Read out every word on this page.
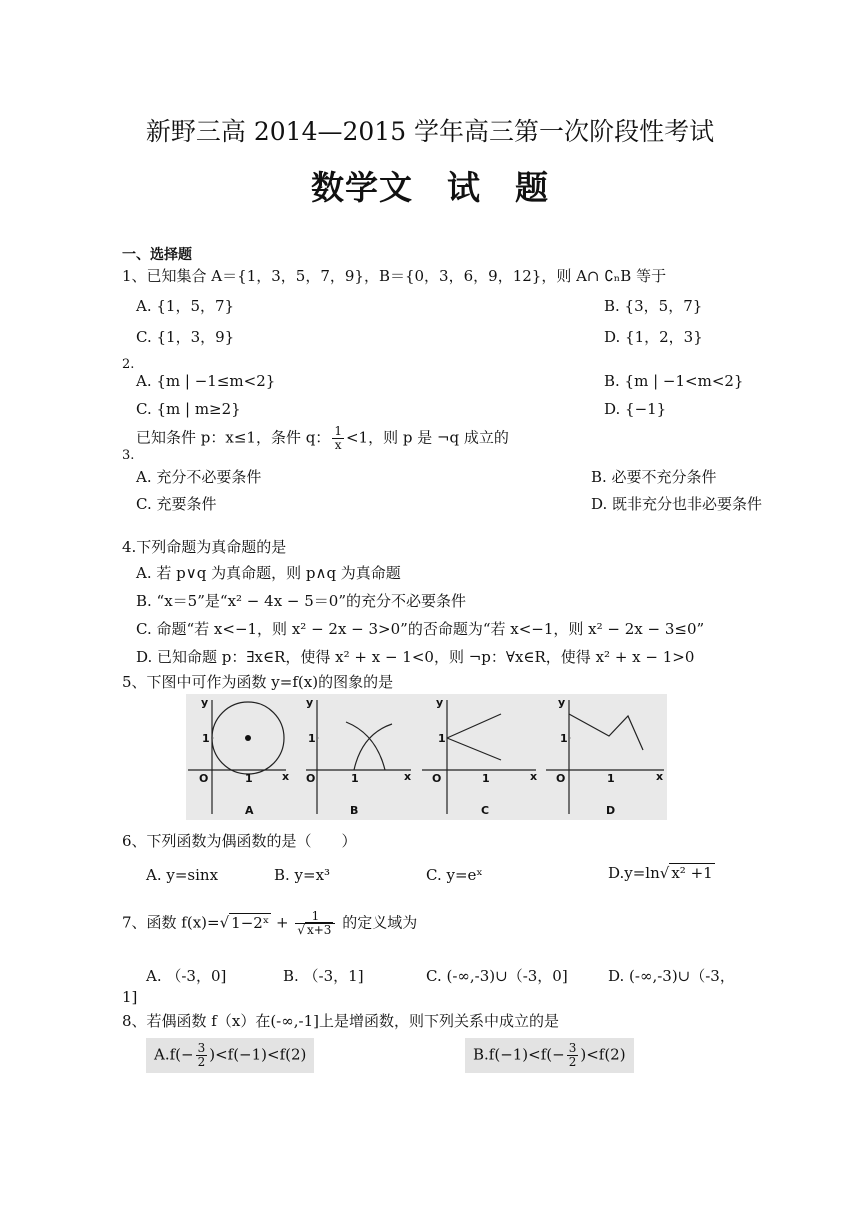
新野三高 2014—2015 学年高三第一次阶段性考试
数学文　试　题
一、选择题
1、已知集合 A＝{1，3，5，7，9}，B＝{0，3，6，9，12}，则 A∩ ∁ₙB 等于
A. {1，5，7}	B. {3，5，7}
C. {1，3，9}	D. {1，2，3}
2.
A. {m | −1≤m<2}	B. {m | −1<m<2}
C. {m | m≥2}	D. {−1}
已知条件 p：x≤1，条件 q： $\frac{1}{x} <1$，则 p 是 ¬q 成立的
3.
A. 充分不必要条件	B. 必要不充分条件
C. 充要条件	D. 既非充分也非必要条件
4.下列命题为真命题的是
A. 若 p∨q 为真命题，则 p∧q 为真命题
B. “x＝5”是“x² − 4x − 5＝0”的充分不必要条件
C. 命题“若 x<−1，则 x² − 2x − 3>0”的否命题为“若 x<−1，则 x² − 2x − 3≤0”
D. 已知命题 p：∃x∈R，使得 x² + x − 1<0，则 ¬p：∀x∈R，使得 x² + x − 1>0
5、下图中可作为函数 y=f(x)的图象的是
y
1
O	1	x
A
y
1
O	1	x
B
y
1
O	1	x
C
y
1
O	1	x
D
6、下列函数为偶函数的是（　　）
A. y=sinx	B. y=x³	C. y=eˣ	D.y=ln√ x² +1
7、函数 f(x)=√ 1−2ˣ + $\frac{1}{√ x+3}$ 的定义域为
A. （-3，0]	B. （-3，1]	C. (-∞,-3)∪（-3，0]	D. (-∞,-3)∪（-3，
1]
8、若偶函数 f（x）在(-∞,-1]上是增函数，则下列关系中成立的是
$A.f(- \frac{3}{2} )<f(-1)<f(2)$	$B.f(-1)<f(- \frac{3}{2} )<f(2)$
